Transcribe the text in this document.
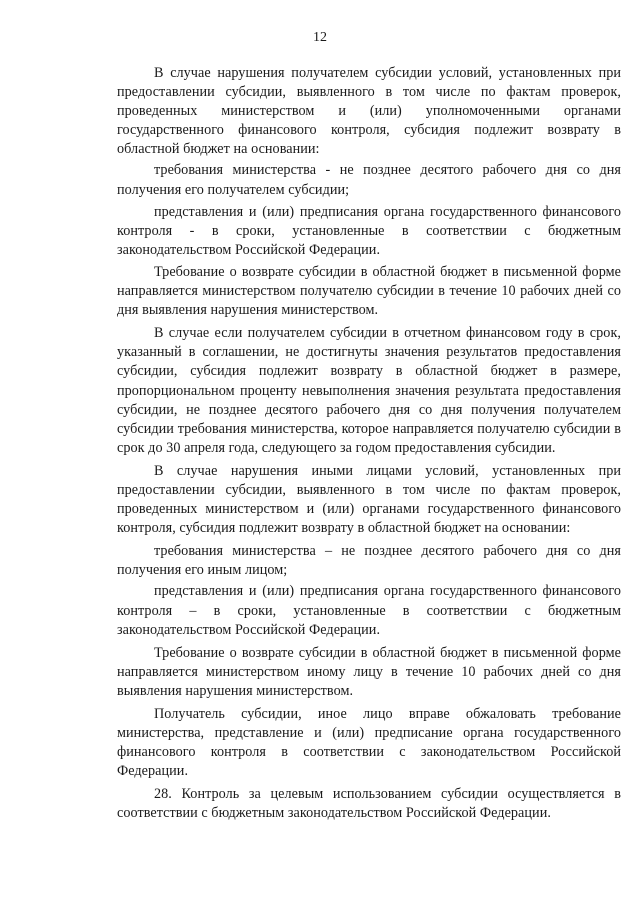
12

В случае нарушения получателем субсидии условий, установленных при предоставлении субсидии, выявленного в том числе по фактам проверок, проведенных министерством и (или) уполномоченными органами государственного финансового контроля, субсидия подлежит возврату в областной бюджет на основании:

требования министерства - не позднее десятого рабочего дня со дня получения его получателем субсидии;

представления и (или) предписания органа государственного финансового контроля - в сроки, установленные в соответствии с бюджетным законодательством Российской Федерации.

Требование о возврате субсидии в областной бюджет в письменной форме направляется министерством получателю субсидии в течение 10 рабочих дней со дня выявления нарушения министерством.

В случае если получателем субсидии в отчетном финансовом году в срок, указанный в соглашении, не достигнуты значения результатов предоставления субсидии, субсидия подлежит возврату в областной бюджет в размере, пропорциональном проценту невыполнения значения результата предоставления субсидии, не позднее десятого рабочего дня со дня получения получателем субсидии требования министерства, которое направляется получателю субсидии в срок до 30 апреля года, следующего за годом предоставления субсидии.

В случае нарушения иными лицами условий, установленных при предоставлении субсидии, выявленного в том числе по фактам проверок, проведенных министерством и (или) органами государственного финансового контроля, субсидия подлежит возврату в областной бюджет на основании:

требования министерства – не позднее десятого рабочего дня со дня получения его иным лицом;

представления и (или) предписания органа государственного финансового контроля – в сроки, установленные в соответствии с бюджетным законодательством Российской Федерации.

Требование о возврате субсидии в областной бюджет в письменной форме направляется министерством иному лицу в течение 10 рабочих дней со дня выявления нарушения министерством.

Получатель субсидии, иное лицо вправе обжаловать требование министерства, представление и (или) предписание органа государственного финансового контроля в соответствии с законодательством Российской Федерации.

28. Контроль за целевым использованием субсидии осуществляется в соответствии с бюджетным законодательством Российской Федерации.
